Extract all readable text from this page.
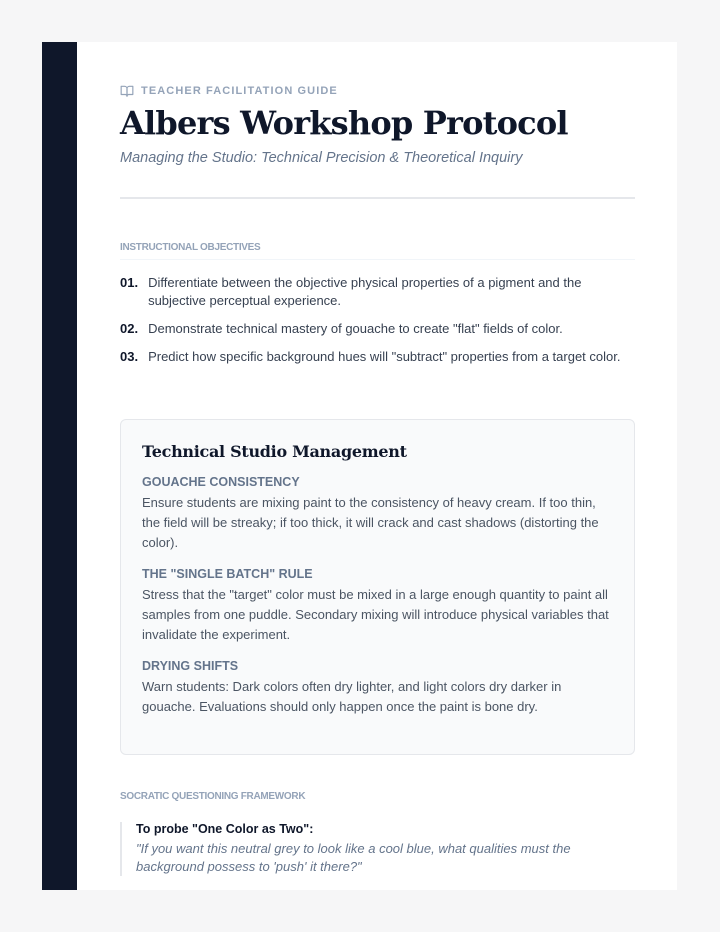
TEACHER FACILITATION GUIDE
Albers Workshop Protocol
Managing the Studio: Technical Precision & Theoretical Inquiry
INSTRUCTIONAL OBJECTIVES
01. Differentiate between the objective physical properties of a pigment and the subjective perceptual experience.
02. Demonstrate technical mastery of gouache to create "flat" fields of color.
03. Predict how specific background hues will "subtract" properties from a target color.
Technical Studio Management
GOUACHE CONSISTENCY
Ensure students are mixing paint to the consistency of heavy cream. If too thin, the field will be streaky; if too thick, it will crack and cast shadows (distorting the color).
THE "SINGLE BATCH" RULE
Stress that the "target" color must be mixed in a large enough quantity to paint all samples from one puddle. Secondary mixing will introduce physical variables that invalidate the experiment.
DRYING SHIFTS
Warn students: Dark colors often dry lighter, and light colors dry darker in gouache. Evaluations should only happen once the paint is bone dry.
SOCRATIC QUESTIONING FRAMEWORK
To probe "One Color as Two":
"If you want this neutral grey to look like a cool blue, what qualities must the background possess to 'push' it there?"
